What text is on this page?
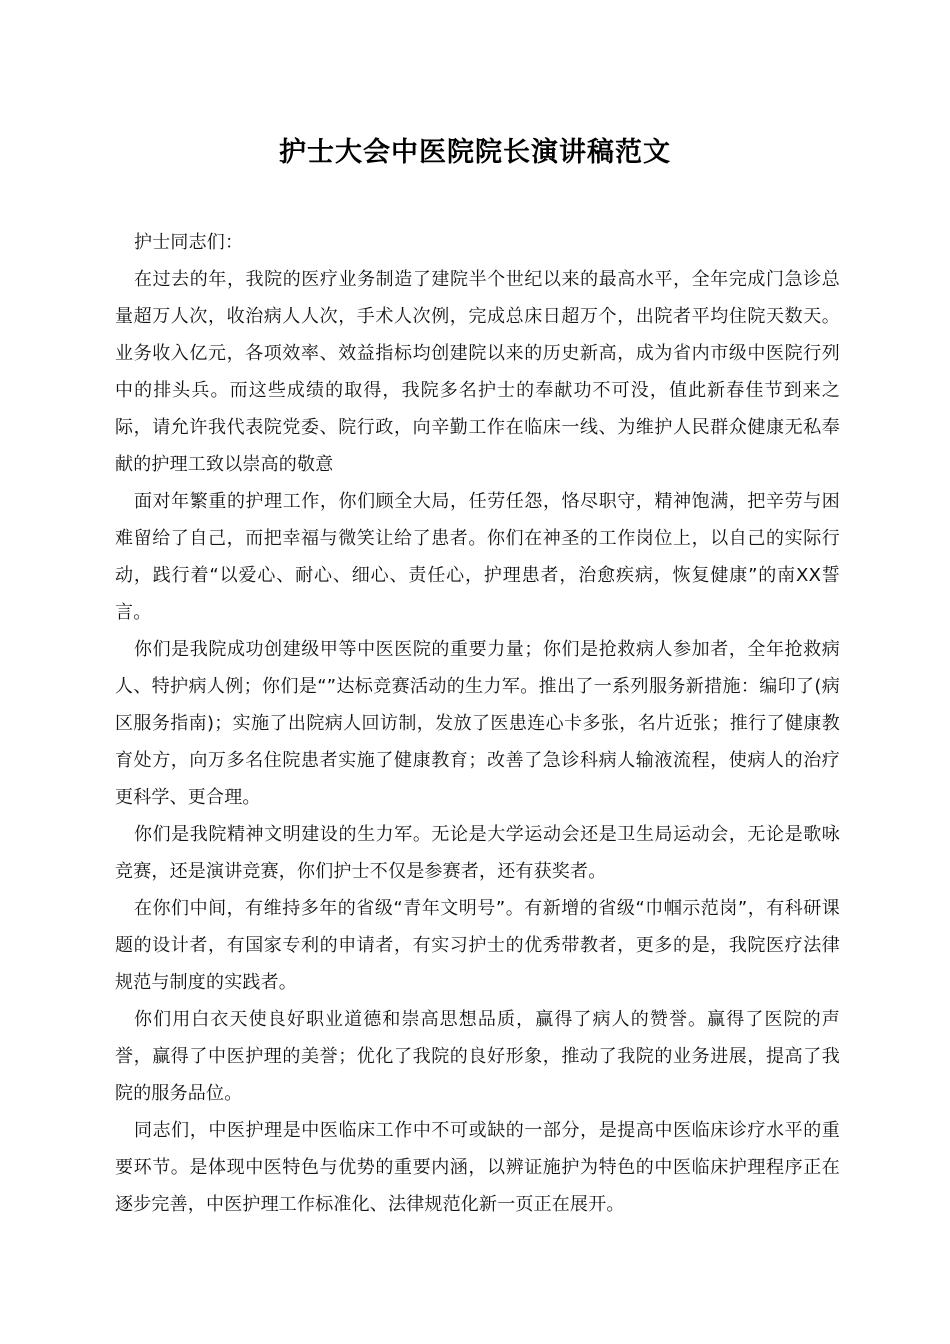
护士大会中医院院长演讲稿范文

护士同志们：

在过去的年，我院的医疗业务制造了建院半个世纪以来的最高水平，全年完成门急诊总量超万人次，收治病人人次，手术人次例，完成总床日超万个，出院者平均住院天数天。业务收入亿元，各项效率、效益指标均创建院以来的历史新高，成为省内市级中医院行列中的排头兵。而这些成绩的取得，我院多名护士的奉献功不可没，值此新春佳节到来之际，请允许我代表院党委、院行政，向辛勤工作在临床一线、为维护人民群众健康无私奉献的护理工致以崇高的敬意

面对年繁重的护理工作，你们顾全大局，任劳任怨，恪尽职守，精神饱满，把辛劳与困难留给了自己，而把幸福与微笑让给了患者。你们在神圣的工作岗位上，以自己的实际行动，践行着“以爱心、耐心、细心、责任心，护理患者，治愈疾病，恢复健康”的南XX誓言。

你们是我院成功创建级甲等中医医院的重要力量；你们是抢救病人参加者，全年抢救病人、特护病人例；你们是“”达标竞赛活动的生力军。推出了一系列服务新措施：编印了(病区服务指南)；实施了出院病人回访制，发放了医患连心卡多张，名片近张；推行了健康教育处方，向万多名住院患者实施了健康教育；改善了急诊科病人输液流程，使病人的治疗更科学、更合理。

你们是我院精神文明建设的生力军。无论是大学运动会还是卫生局运动会，无论是歌咏竞赛，还是演讲竞赛，你们护士不仅是参赛者，还有获奖者。

在你们中间，有维持多年的省级“青年文明号”。有新增的省级“巾帼示范岗”，有科研课题的设计者，有国家专利的申请者，有实习护士的优秀带教者，更多的是，我院医疗法律规范与制度的实践者。

你们用白衣天使良好职业道德和崇高思想品质，赢得了病人的赞誉。赢得了医院的声誉，赢得了中医护理的美誉；优化了我院的良好形象，推动了我院的业务进展，提高了我院的服务品位。

同志们，中医护理是中医临床工作中不可或缺的一部分，是提高中医临床诊疗水平的重要环节。是体现中医特色与优势的重要内涵，以辨证施护为特色的中医临床护理程序正在逐步完善，中医护理工作标准化、法律规范化新一页正在展开。
